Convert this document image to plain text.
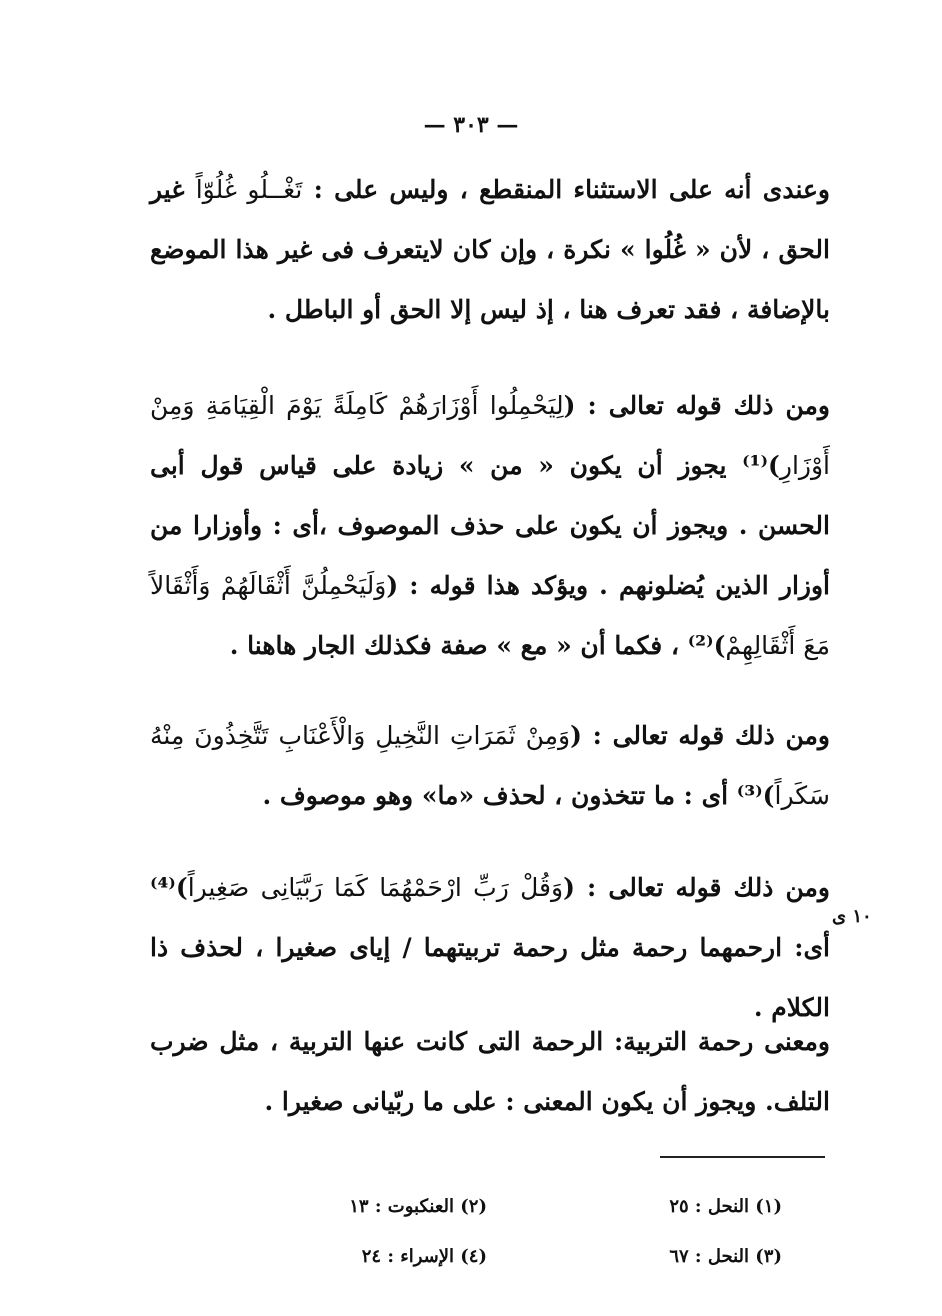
— ٣٠٣ —

وعندى أنه على الاستثناء المنقطع ، وليس على : تَغْــلُو غُلُوّاً غير الحق ، لأن « غُلُوا » نكرة ، وإن كان لايتعرف فى غير هذا الموضع بالإضافة ، فقد تعرف هنا ، إذ ليس إلا الحق أو الباطل .

ومن ذلك قوله تعالى : (لِيَحْمِلُوا أَوْزَارَهُمْ كَامِلَةً يَوْمَ الْقِيَامَةِ وَمِنْ أَوْزَارِ)⁽¹⁾ يجوز أن يكون « من » زيادة على قياس قول أبى الحسن . ويجوز أن يكون على حذف الموصوف ،أى : وأوزارا من أوزار الذين يُضلونهم . ويؤكد هذا قوله : (وَلَيَحْمِلُنَّ أَثْقَالَهُمْ وَأَثْقَالاً مَعَ أَثْقَالِهِمْ)⁽²⁾ ، فكما أن « مع » صفة فكذلك الجار هاهنا .

ومن ذلك قوله تعالى : (وَمِنْ ثَمَرَاتِ النَّخِيلِ وَالْأَعْنَابِ تَتَّخِذُونَ مِنْهُ سَكَراً)⁽³⁾ أى : ما تتخذون ، لحذف «ما» وهو موصوف .

ومن ذلك قوله تعالى : (وَقُلْ رَبِّ ارْحَمْهُمَا كَمَا رَبَّيَانِى صَغِيراً)⁽⁴⁾ أى: ارحمهما رحمة مثل رحمة تربيتهما / إياى صغيرا ، لحذف ذا الكلام .

ومعنى رحمة التربية: الرحمة التى كانت عنها التربية ، مثل ضرب التلف. ويجوز أن يكون المعنى : على ما ربّيانى صغيرا .

١٠ ى
(١) النحل : ٢٥
(٢) العنكبوت : ١٣
(٣) النحل : ٦٧
(٤) الإسراء : ٢٤
